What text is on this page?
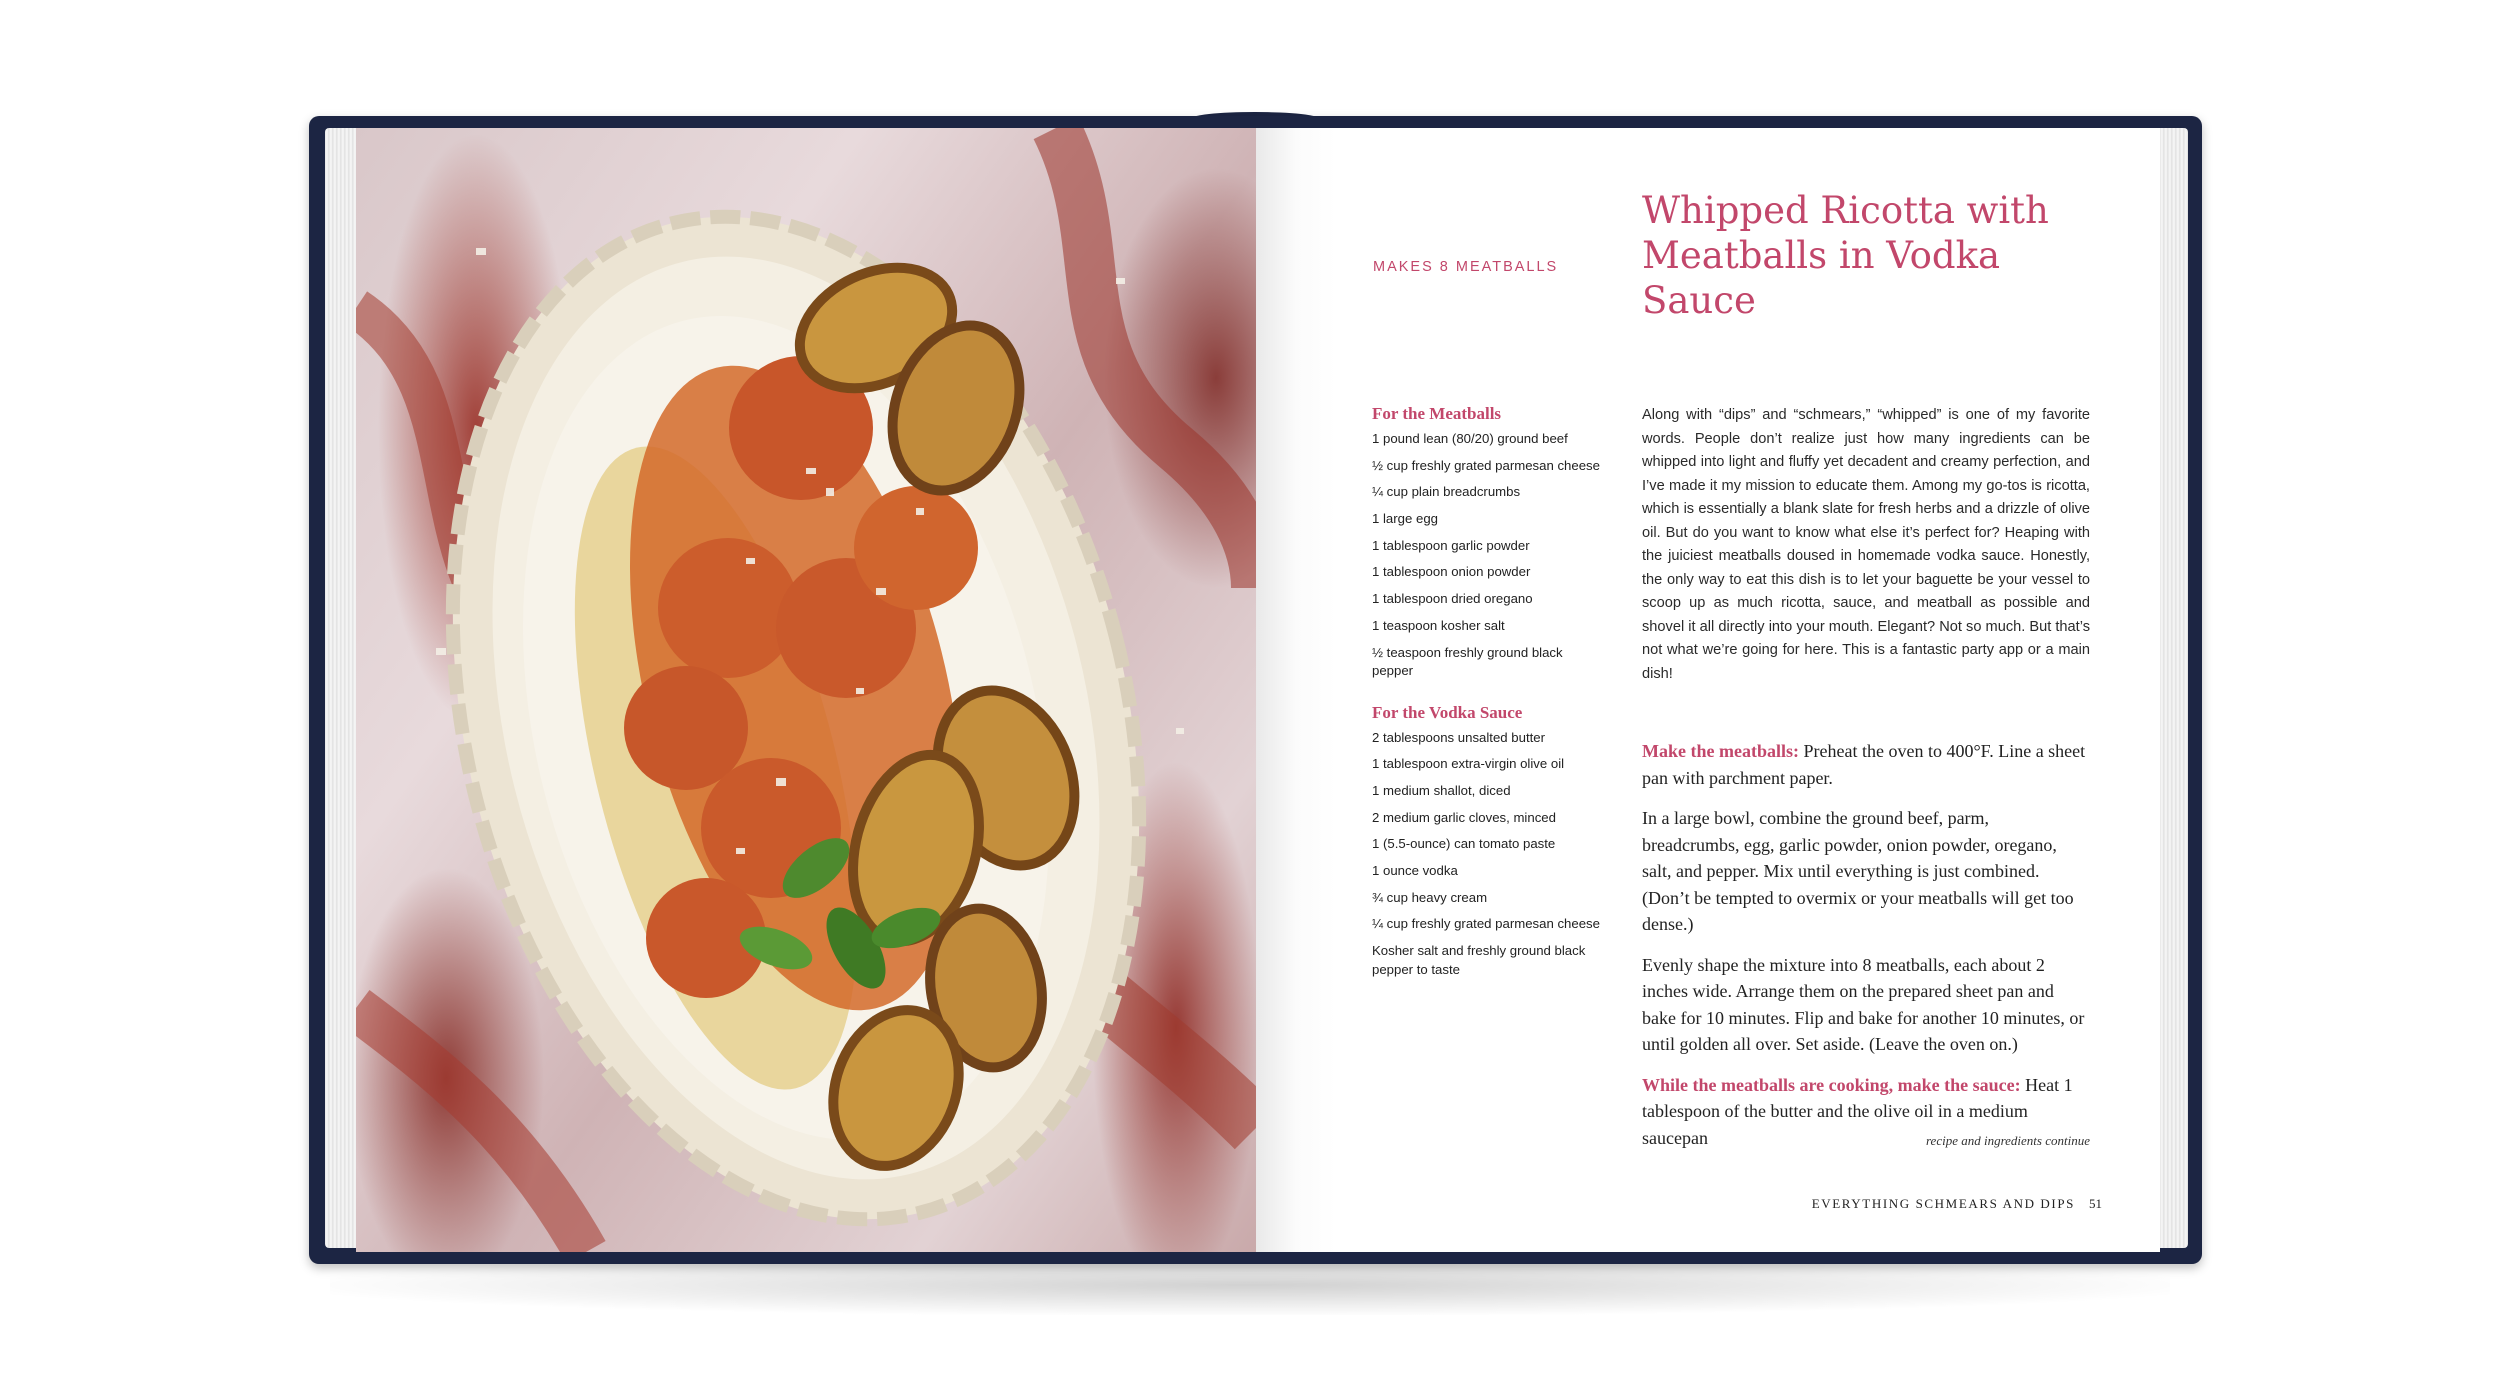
MAKES 8 MEATBALLS

Whipped Ricotta with
Meatballs in Vodka Sauce
For the Meatballs
1 pound lean (80/20) ground beef
½ cup freshly grated parmesan cheese
¼ cup plain breadcrumbs
1 large egg
1 tablespoon garlic powder
1 tablespoon onion powder
1 tablespoon dried oregano
1 teaspoon kosher salt
½ teaspoon freshly ground black pepper
For the Vodka Sauce
2 tablespoons unsalted butter
1 tablespoon extra-virgin olive oil
1 medium shallot, diced
2 medium garlic cloves, minced
1 (5.5-ounce) can tomato paste
1 ounce vodka
¾ cup heavy cream
¼ cup freshly grated parmesan cheese
Kosher salt and freshly ground black pepper to taste

Along with “dips” and “schmears,” “whipped” is one of my favorite words. People don’t realize just how many ingredients can be whipped into light and fluffy yet decadent and creamy perfection, and I’ve made it my mission to educate them. Among my go-tos is ricotta, which is essentially a blank slate for fresh herbs and a drizzle of olive oil. But do you want to know what else it’s perfect for? Heaping with the juiciest meatballs doused in homemade vodka sauce. Honestly, the only way to eat this dish is to let your baguette be your vessel to scoop up as much ricotta, sauce, and meatball as possible and shovel it all directly into your mouth. Elegant? Not so much. But that’s not what we’re going for here. This is a fantastic party app or a main dish!

Make the meatballs: Preheat the oven to 400°F. Line a sheet pan with parchment paper.

In a large bowl, combine the ground beef, parm, breadcrumbs, egg, garlic powder, onion powder, oregano, salt, and pepper. Mix until everything is just combined. (Don’t be tempted to overmix or your meatballs will get too dense.)

Evenly shape the mixture into 8 meatballs, each about 2 inches wide. Arrange them on the prepared sheet pan and bake for 10 minutes. Flip and bake for another 10 minutes, or until golden all over. Set aside. (Leave the oven on.)

While the meatballs are cooking, make the sauce: Heat 1 tablespoon of the butter and the olive oil in a medium saucepan	recipe and ingredients continue

EVERYTHING SCHMEARS AND DIPS 51
